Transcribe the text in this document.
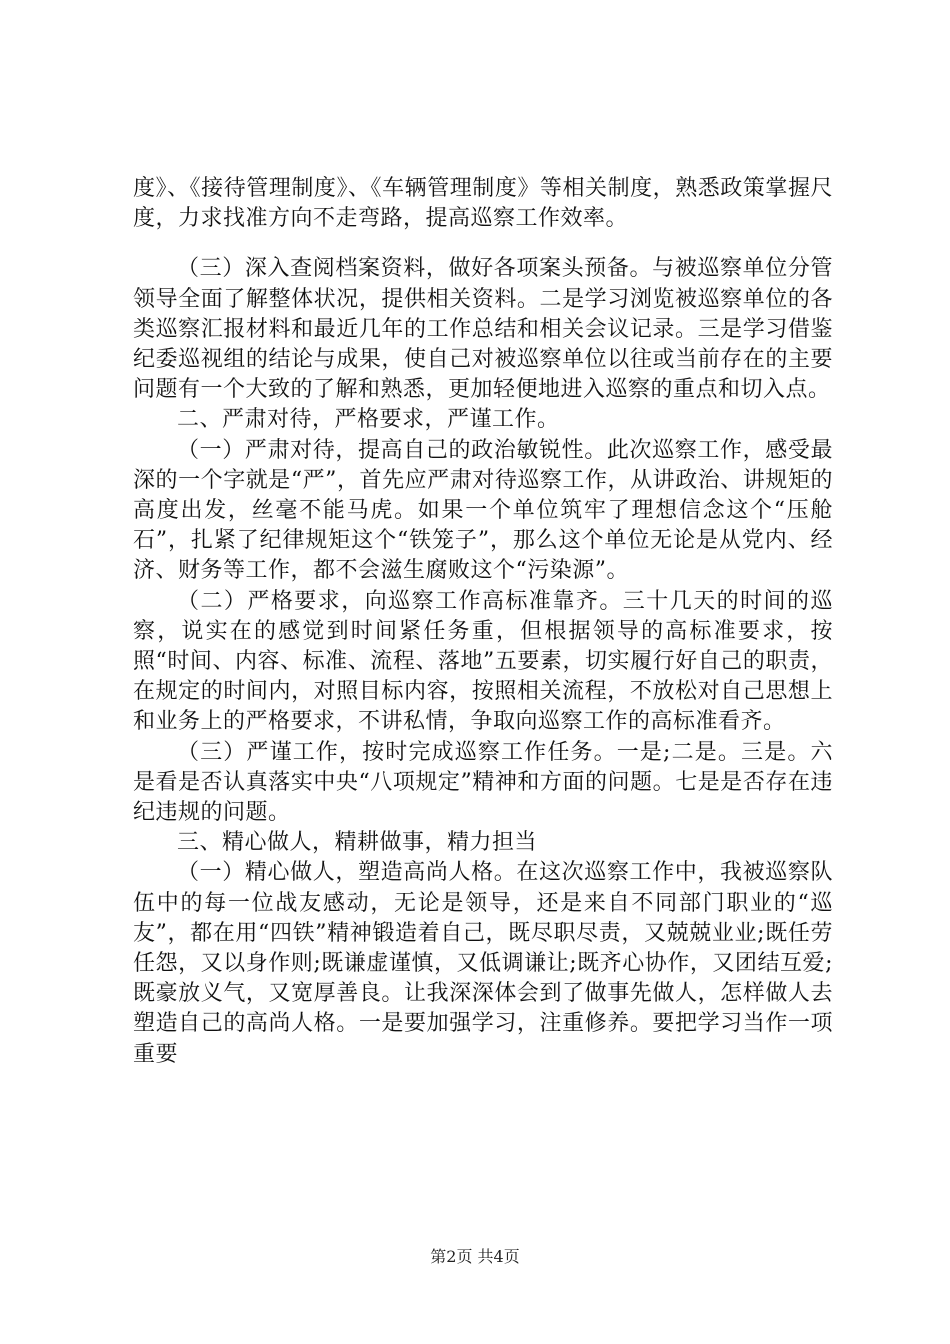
度》、《接待管理制度》、《车辆管理制度》等相关制度，熟悉政策掌握尺度，力求找准方向不走弯路，提高巡察工作效率。

（三）深入查阅档案资料，做好各项案头预备。与被巡察单位分管领导全面了解整体状况，提供相关资料。二是学习浏览被巡察单位的各类巡察汇报材料和最近几年的工作总结和相关会议记录。三是学习借鉴纪委巡视组的结论与成果，使自己对被巡察单位以往或当前存在的主要问题有一个大致的了解和熟悉，更加轻便地进入巡察的重点和切入点。

二、严肃对待，严格要求，严谨工作。

（一）严肃对待，提高自己的政治敏锐性。此次巡察工作，感受最深的一个字就是“严”，首先应严肃对待巡察工作，从讲政治、讲规矩的高度出发，丝毫不能马虎。如果一个单位筑牢了理想信念这个“压舱石”，扎紧了纪律规矩这个“铁笼子”，那么这个单位无论是从党内、经济、财务等工作，都不会滋生腐败这个“污染源”。

（二）严格要求，向巡察工作高标准靠齐。三十几天的时间的巡察，说实在的感觉到时间紧任务重，但根据领导的高标准要求，按照“时间、内容、标准、流程、落地”五要素，切实履行好自己的职责，在规定的时间内，对照目标内容，按照相关流程，不放松对自己思想上和业务上的严格要求，不讲私情，争取向巡察工作的高标准看齐。

（三）严谨工作，按时完成巡察工作任务。一是;二是。三是。六是看是否认真落实中央“八项规定”精神和方面的问题。七是是否存在违纪违规的问题。

三、精心做人，精耕做事，精力担当

（一）精心做人，塑造高尚人格。在这次巡察工作中，我被巡察队伍中的每一位战友感动，无论是领导，还是来自不同部门职业的“巡友”，都在用“四铁”精神锻造着自己，既尽职尽责，又兢兢业业;既任劳任怨，又以身作则;既谦虚谨慎，又低调谦让;既齐心协作，又团结互爱;既豪放义气，又宽厚善良。让我深深体会到了做事先做人，怎样做人去塑造自己的高尚人格。一是要加强学习，注重修养。要把学习当作一项重要

第2页 共4页
